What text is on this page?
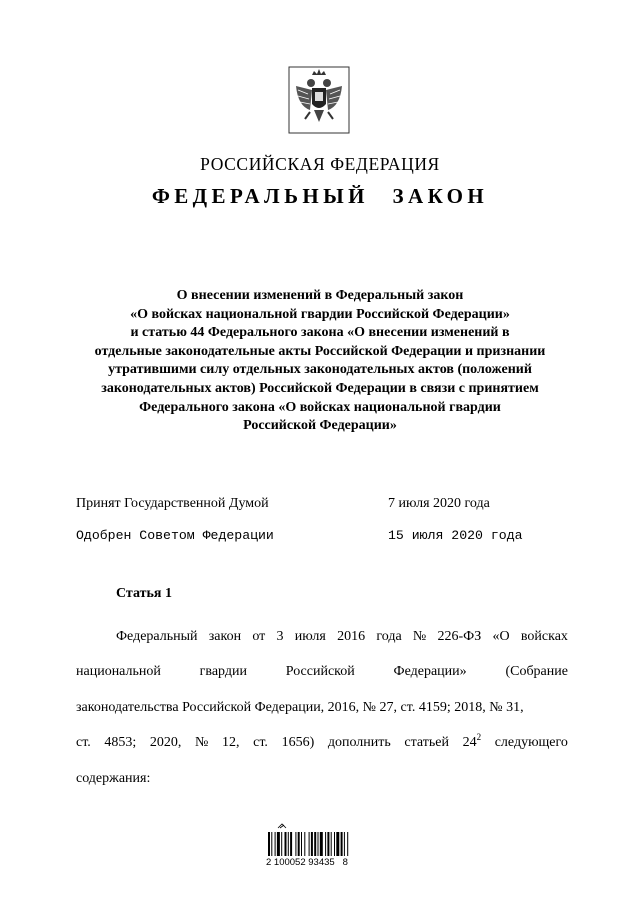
РОССИЙСКАЯ ФЕДЕРАЦИЯ
ФЕДЕРАЛЬНЫЙ ЗАКОН
О внесении изменений в Федеральный закон
«О войсках национальной гвардии Российской Федерации»
и статью 44 Федерального закона «О внесении изменений в
отдельные законодательные акты Российской Федерации и признании
утратившими силу отдельных законодательных актов (положений
законодательных актов) Российской Федерации в связи с принятием
Федерального закона «О войсках национальной гвардии
Российской Федерации»
Принят Государственной Думой	7 июля 2020 года
Одобрен Советом Федерации	15 июля 2020 года
Статья 1
Федеральный закон от 3 июля 2016 года № 226-ФЗ «О войсках
национальной	гвардии	Российской	Федерации»	(Собрание
законодательства Российской Федерации, 2016, № 27, ст. 4159; 2018, № 31,
ст. 4853; 2020, № 12, ст. 1656) дополнить статьей $24^2$ следующего
содержания:
2 100052 93435   8
